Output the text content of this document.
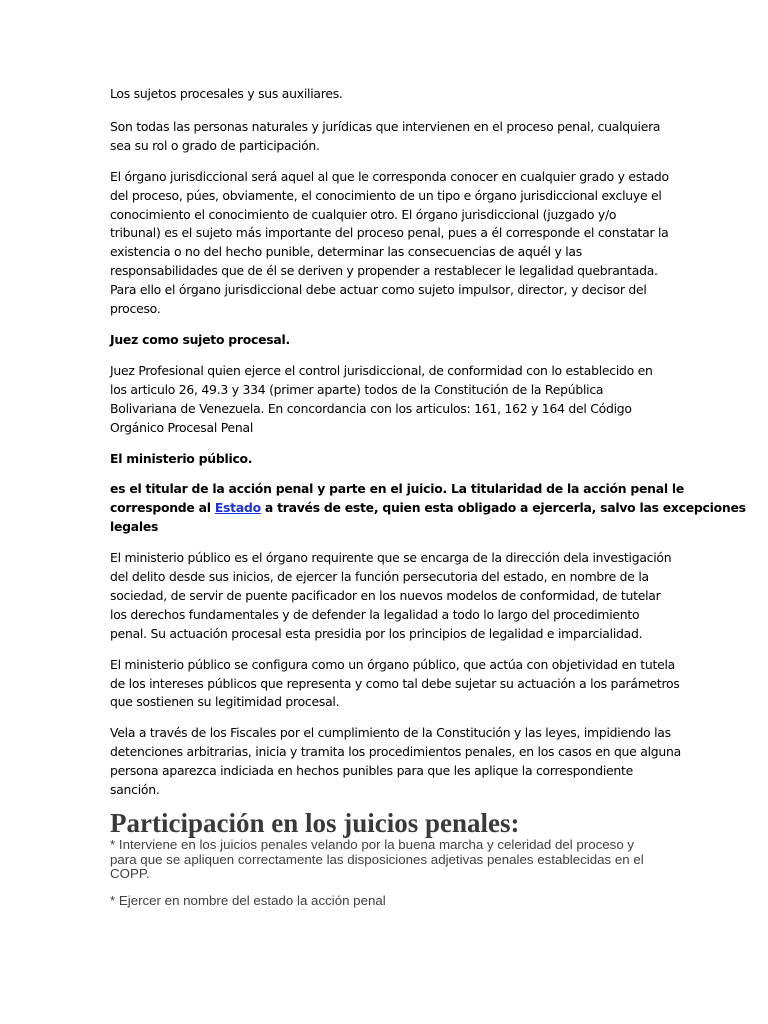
Los sujetos procesales y sus auxiliares.

Son todas las personas naturales y jurídicas que intervienen en el proceso penal, cualquiera
sea su rol o grado de participación.

El órgano jurisdiccional será aquel al que le corresponda conocer en cualquier grado y estado
del proceso, púes, obviamente, el conocimiento de un tipo e órgano jurisdiccional excluye el
conocimiento el conocimiento de cualquier otro. El órgano jurisdiccional (juzgado y/o
tribunal) es el sujeto más importante del proceso penal, pues a él corresponde el constatar la
existencia o no del hecho punible, determinar las consecuencias de aquél y las
responsabilidades que de él se deriven y propender a restablecer le legalidad quebrantada.
Para ello el órgano jurisdiccional debe actuar como sujeto impulsor, director, y decisor del
proceso.

Juez como sujeto procesal.

Juez Profesional quien ejerce el control jurisdiccional, de conformidad con lo establecido en
los articulo 26, 49.3 y 334 (primer aparte) todos de la Constitución de la República
Bolivariana de Venezuela. En concordancia con los articulos: 161, 162 y 164 del Código
Orgánico Procesal Penal

El ministerio público.

es el titular de la acción penal y parte en el juicio. La titularidad de la acción penal le
corresponde al Estado a través de este, quien esta obligado a ejercerla, salvo las excepciones
legales

El ministerio público es el órgano requirente que se encarga de la dirección dela investigación
del delito desde sus inicios, de ejercer la función persecutoria del estado, en nombre de la
sociedad, de servir de puente pacificador en los nuevos modelos de conformidad, de tutelar
los derechos fundamentales y de defender la legalidad a todo lo largo del procedimiento
penal. Su actuación procesal esta presidia por los principios de legalidad e imparcialidad.

El ministerio público se configura como un órgano público, que actúa con objetividad en tutela
de los intereses públicos que representa y como tal debe sujetar su actuación a los parámetros
que sostienen su legitimidad procesal.

Vela a través de los Fiscales por el cumplimiento de la Constitución y las leyes, impidiendo las
detenciones arbitrarias, inicia y tramita los procedimientos penales, en los casos en que alguna
persona aparezca indiciada en hechos punibles para que les aplique la correspondiente
sanción.

Participación en los juicios penales:

* Interviene en los juicios penales velando por la buena marcha y celeridad del proceso y
para que se apliquen correctamente las disposiciones adjetivas penales establecidas en el
COPP.

* Ejercer en nombre del estado la acción penal
